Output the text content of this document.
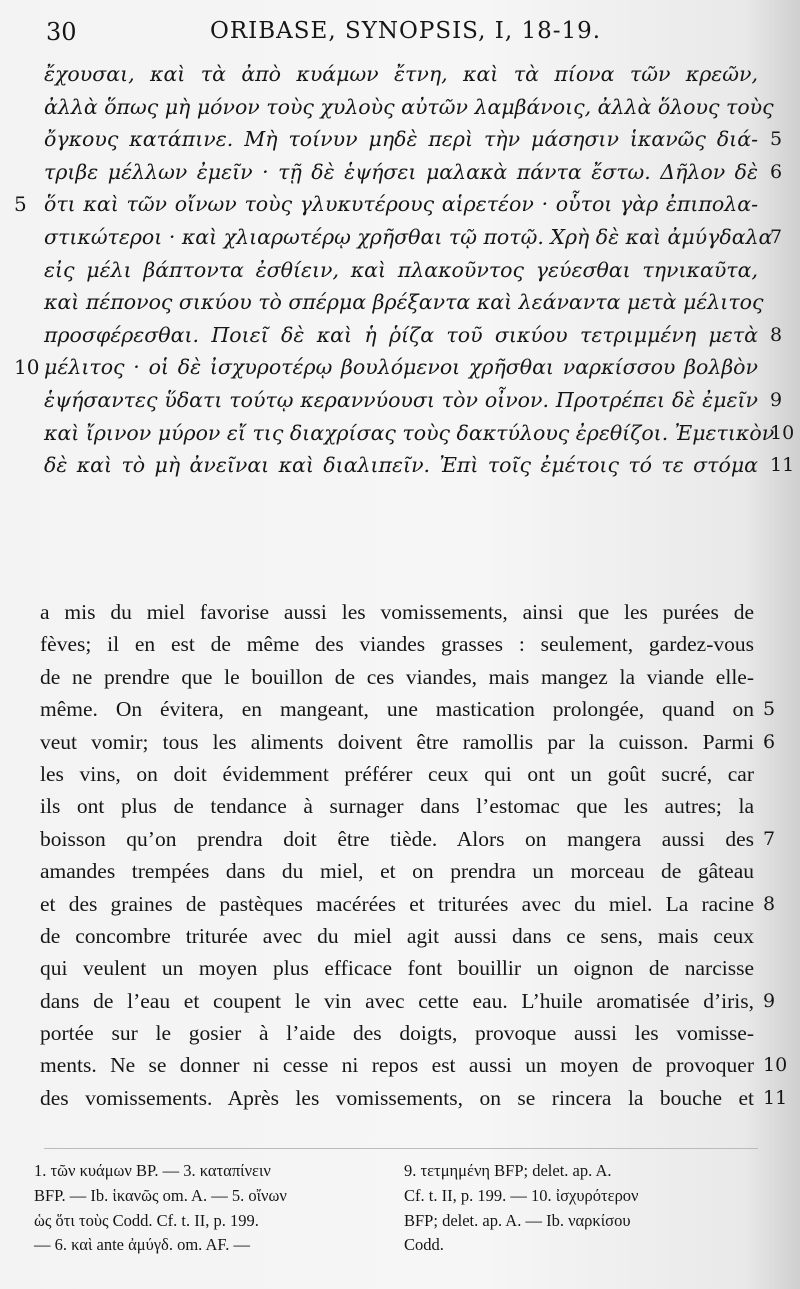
30	ORIBASE, SYNOPSIS, I, 18-19.
ἔχουσαι, καὶ τὰ ἀπὸ κυάμων ἔτνη, καὶ τὰ πίονα τῶν κρεῶν,
ἀλλὰ ὅπως μὴ μόνον τοὺς χυλοὺς αὐτῶν λαμβάνοις, ἀλλὰ ὅλους τοὺς
ὄγκους κατάπινε. Μὴ τοίνυν μηδὲ περὶ τὴν μάσησιν ἱκανῶς διά- 5
τριβε μέλλων ἐμεῖν · τῇ δὲ ἑψήσει μαλακὰ πάντα ἔστω. Δῆλον δὲ 6
ὅτι καὶ τῶν οἴνων τοὺς γλυκυτέρους αἱρετέον · οὗτοι γὰρ ἐπιπολα-
5
στικώτεροι · καὶ χλιαρωτέρῳ χρῆσθαι τῷ ποτῷ. Χρὴ δὲ καὶ ἀμύγδαλα
7
εἰς μέλι βάπτοντα ἐσθίειν, καὶ πλακοῦντος γεύεσθαι τηνικαῦτα,
καὶ πέπονος σικύου τὸ σπέρμα βρέξαντα καὶ λεάναντα μετὰ μέλιτος
προσφέρεσθαι. Ποιεῖ δὲ καὶ ἡ ῥίζα τοῦ σικύου τετριμμένη μετὰ 8
μέλιτος · οἱ δὲ ἰσχυροτέρῳ βουλόμενοι χρῆσθαι ναρκίσσου βολβὸν
10
ἑψήσαντες ὕδατι τούτῳ κεραννύουσι τὸν οἶνον. Προτρέπει δὲ ἐμεῖν 9
καὶ ἴρινον μύρον εἴ τις διαχρίσας τοὺς δακτύλους ἐρεθίζοι. Ἐμετικὸν
10
δὲ καὶ τὸ μὴ ἀνεῖναι καὶ διαλιπεῖν. Ἐπὶ τοῖς ἐμέτοις τό τε στόμα 11
a mis du miel favorise aussi les vomissements, ainsi que les purées de
fèves; il en est de même des viandes grasses : seulement, gardez-vous
de ne prendre que le bouillon de ces viandes, mais mangez la viande elle-
même. On évitera, en mangeant, une mastication prolongée, quand on 5
veut vomir; tous les aliments doivent être ramollis par la cuisson. Parmi 6
les vins, on doit évidemment préférer ceux qui ont un goût sucré, car
ils ont plus de tendance à surnager dans l’estomac que les autres; la
boisson qu’on prendra doit être tiède. Alors on mangera aussi des 7
amandes trempées dans du miel, et on prendra un morceau de gâteau
et des graines de pastèques macérées et triturées avec du miel. La racine 8
de concombre triturée avec du miel agit aussi dans ce sens, mais ceux
qui veulent un moyen plus efficace font bouillir un oignon de narcisse
dans de l’eau et coupent le vin avec cette eau. L’huile aromatisée d’iris, 9
portée sur le gosier à l’aide des doigts, provoque aussi les vomisse-
ments. Ne se donner ni cesse ni repos est aussi un moyen de provoquer 10
des vomissements. Après les vomissements, on se rincera la bouche et 11
1. τῶν κυάμων BP. — 3. καταπίνειν
BFP. — Ib. ἱκανῶς om. A. — 5. οἴνων
ὡς ὅτι τοὺς Codd. Cf. t. II, p. 199.
— 6. καὶ ante ἀμύγδ. om. AF. —
9. τετμημένη BFP; delet. ap. A.
Cf. t. II, p. 199. — 10. ἰσχυρότερον
BFP; delet. ap. A. — Ib. ναρκίσου
Codd.
